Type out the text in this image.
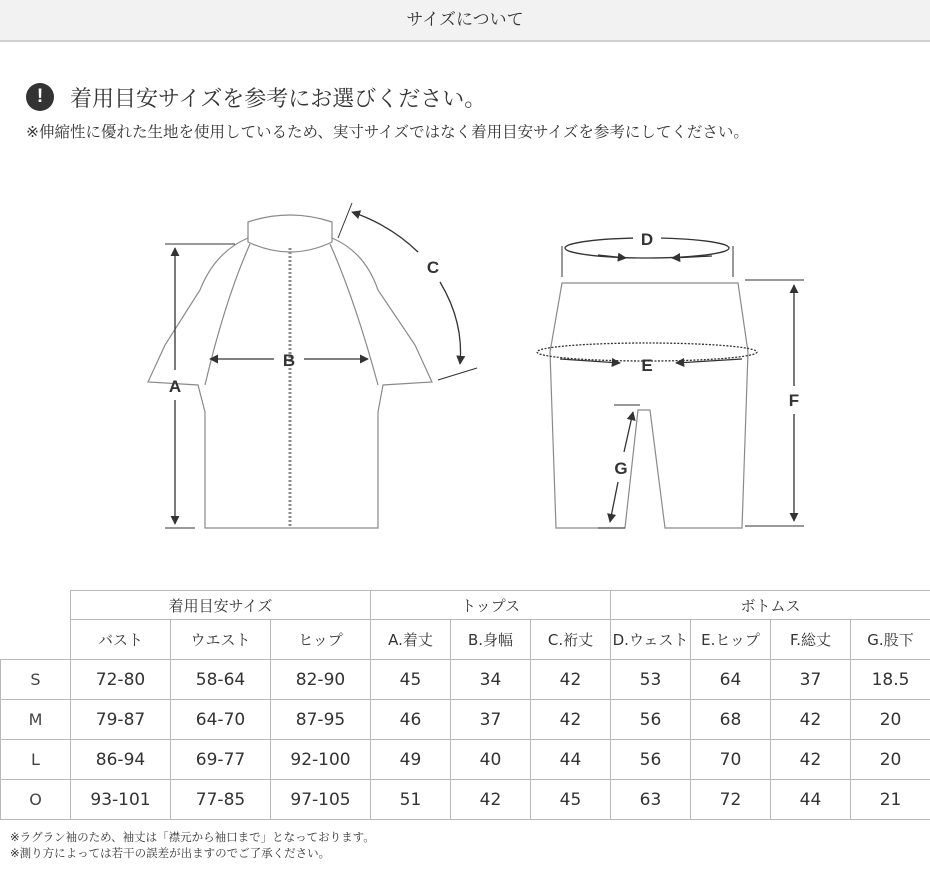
サイズについて
!	着用目安サイズを参考にお選びください。
※伸縮性に優れた生地を使用しているため、実寸サイズではなく着用目安サイズを参考にしてください。
A
B
C
D
E
F
G
	着用目安サイズ			トップス			ボトムス			
	バスト	ウエスト	ヒップ	A.着丈	B.身幅	C.裄丈	D.ウェスト	E.ヒップ	F.総丈	G.股下
S	72-80	58-64	82-90	45	34	42	53	64	37	18.5
M	79-87	64-70	87-95	46	37	42	56	68	42	20
L	86-94	69-77	92-100	49	40	44	56	70	42	20
O	93-101	77-85	97-105	51	42	45	63	72	44	21
※ラグラン袖のため、袖丈は「襟元から袖口まで」となっております。
※測り方によっては若干の誤差が出ますのでご了承ください。
